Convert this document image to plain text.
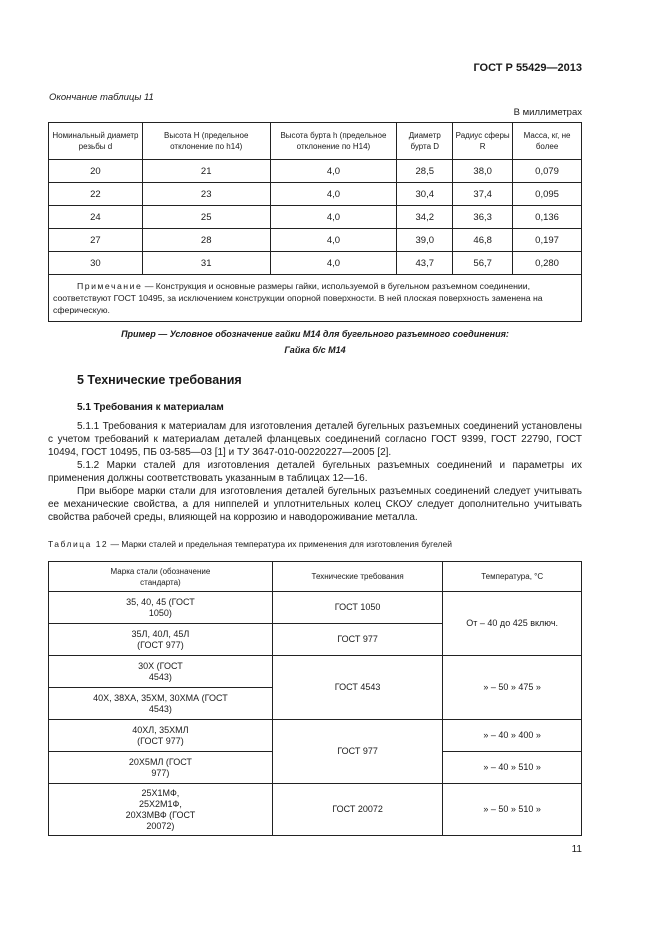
ГОСТ Р 55429—2013
Окончание таблицы 11
В миллиметрах
Номинальный диаметр резьбы d	Высота H (предельное отклонение по h14)	Высота бурта h (предельное отклонение по H14)	Диаметр бурта D	Радиус сферы R	Масса, кг, не более
20	21	4,0	28,5	38,0	0,079
22	23	4,0	30,4	37,4	0,095
24	25	4,0	34,2	36,3	0,136
27	28	4,0	39,0	46,8	0,197
30	31	4,0	43,7	56,7	0,280
Примечание — Конструкция и основные размеры гайки, используемой в бугельном разъемном соединении, соответствуют ГОСТ 10495, за исключением конструкции опорной поверхности. В ней плоская поверхность заменена на сферическую.					
Пример — Условное обозначение гайки М14 для бугельного разъемного соединения:
Гайка б/с М14
5 Технические требования
5.1 Требования к материалам

5.1.1 Требования к материалам для изготовления деталей бугельных разъемных соединений установлены с учетом требований к материалам деталей фланцевых соединений согласно ГОСТ 9399, ГОСТ 22790, ГОСТ 10494, ГОСТ 10495, ПБ 03-585—03 [1] и ТУ 3647-010-00220227—2005 [2].

5.1.2 Марки сталей для изготовления деталей бугельных разъемных соединений и параметры их применения должны соответствовать указанным в таблицах 12—16.

При выборе марки стали для изготовления деталей бугельных разъемных соединений следует учитывать ее механические свойства, а для ниппелей и уплотнительных колец СКОУ следует дополнительно учитывать свойства рабочей среды, влияющей на коррозию и наводороживание металла.

Таблица 12 — Марки сталей и предельная температура их применения для изготовления бугелей
Марка стали (обозначение стандарта)	Технические требования	Температура, °С
35, 40, 45 (ГОСТ 1050)	ГОСТ 1050	От – 40 до 425 включ.
35Л, 40Л, 45Л (ГОСТ 977)	ГОСТ 977	
30Х (ГОСТ 4543)	ГОСТ 4543	» – 50 » 475 »
40Х, 38ХА, 35ХМ, 30ХМА (ГОСТ 4543)		
40ХЛ, 35ХМЛ (ГОСТ 977)	ГОСТ 977	» – 40 » 400 »
20Х5МЛ (ГОСТ 977)		» – 40 » 510 »
25Х1МФ, 25Х2М1Ф, 20Х3МВФ (ГОСТ 20072)	ГОСТ 20072	» – 50 » 510 »
11
